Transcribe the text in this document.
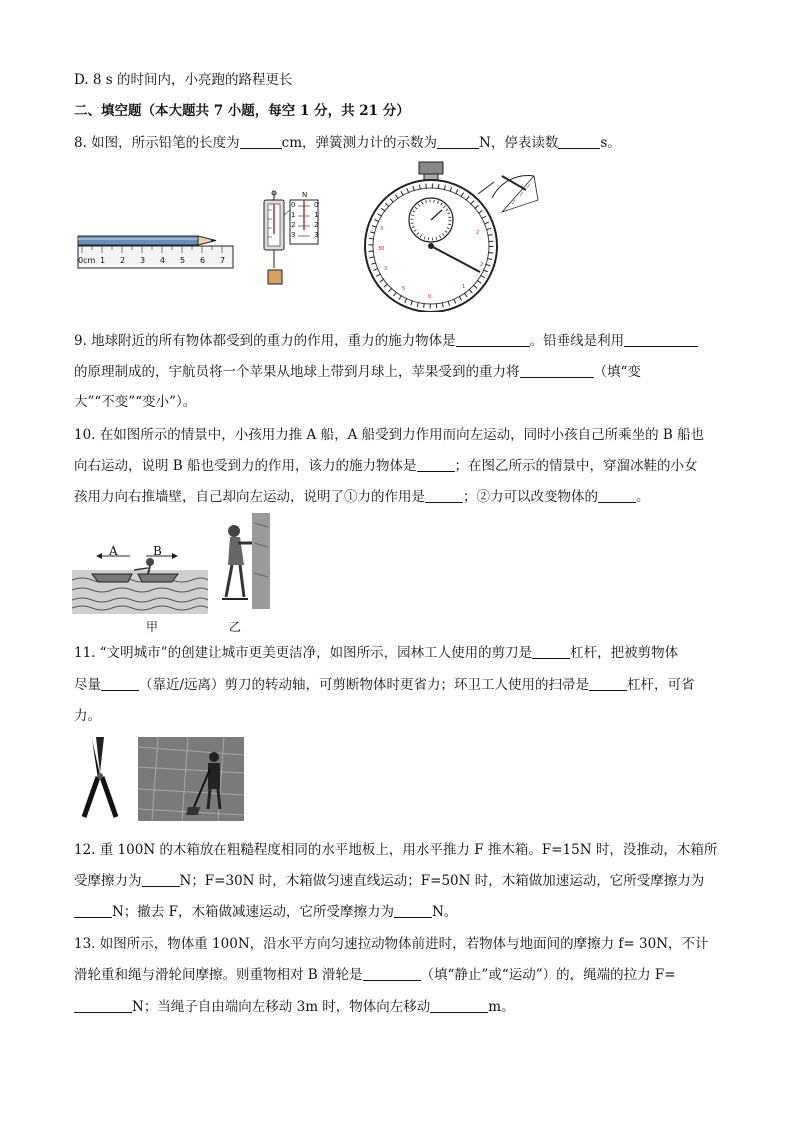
D. 8 s 的时间内，小亮跑的路程更长
二、填空题（本大题共 7 小题，每空 1 分，共 21 分）
8. 如图，所示铅笔的长度为	cm，弹簧测力计的示数为	N，停表读数	s。
0cm 1 2 3 4 5 6 7
N
0
1
2
3
0
1
2
3
3
30
3
5
0
1
2
2
9. 地球附近的所有物体都受到的重力的作用，重力的施力物体是	。铅垂线是利用
的原理制成的，宇航员将一个苹果从地球上带到月球上，苹果受到的重力将	（填“变
大”“不变”“变小”）。
10. 在如图所示的情景中，小孩用力推 A 船，A 船受到力作用而向左运动，同时小孩自己所乘坐的 B 船也
向右运动，说明 B 船也受到力的作用，该力的施力物体是	；在图乙所示的情景中，穿溜冰鞋的小女
孩用力向右推墙壁，自己却向左运动，说明了①力的作用是	；②力可以改变物体的	。
A	B
甲	乙
11. “文明城市”的创建让城市更美更洁净，如图所示，园林工人使用的剪刀是	杠杆，把被剪物体
尽量	（靠近/远离）剪刀的转动轴，可剪断物体时更省力；环卫工人使用的扫帚是	杠杆，可省
力。
12. 重 100N 的木箱放在粗糙程度相同的水平地板上，用水平推力 F 推木箱。F=15N 时，没推动，木箱所
受摩擦力为	N；F=30N 时，木箱做匀速直线运动；F=50N 时，木箱做加速运动，它所受摩擦力为
N；撤去 F，木箱做减速运动，它所受摩擦力为	N。
13. 如图所示，物体重 100N，沿水平方向匀速拉动物体前进时，若物体与地面间的摩擦力 f= 30N，不计
滑轮重和绳与滑轮间摩擦。则重物相对 B 滑轮是	（填“静止”或“运动”）的，绳端的拉力 F=
N；当绳子自由端向左移动 3m 时，物体向左移动	m。
